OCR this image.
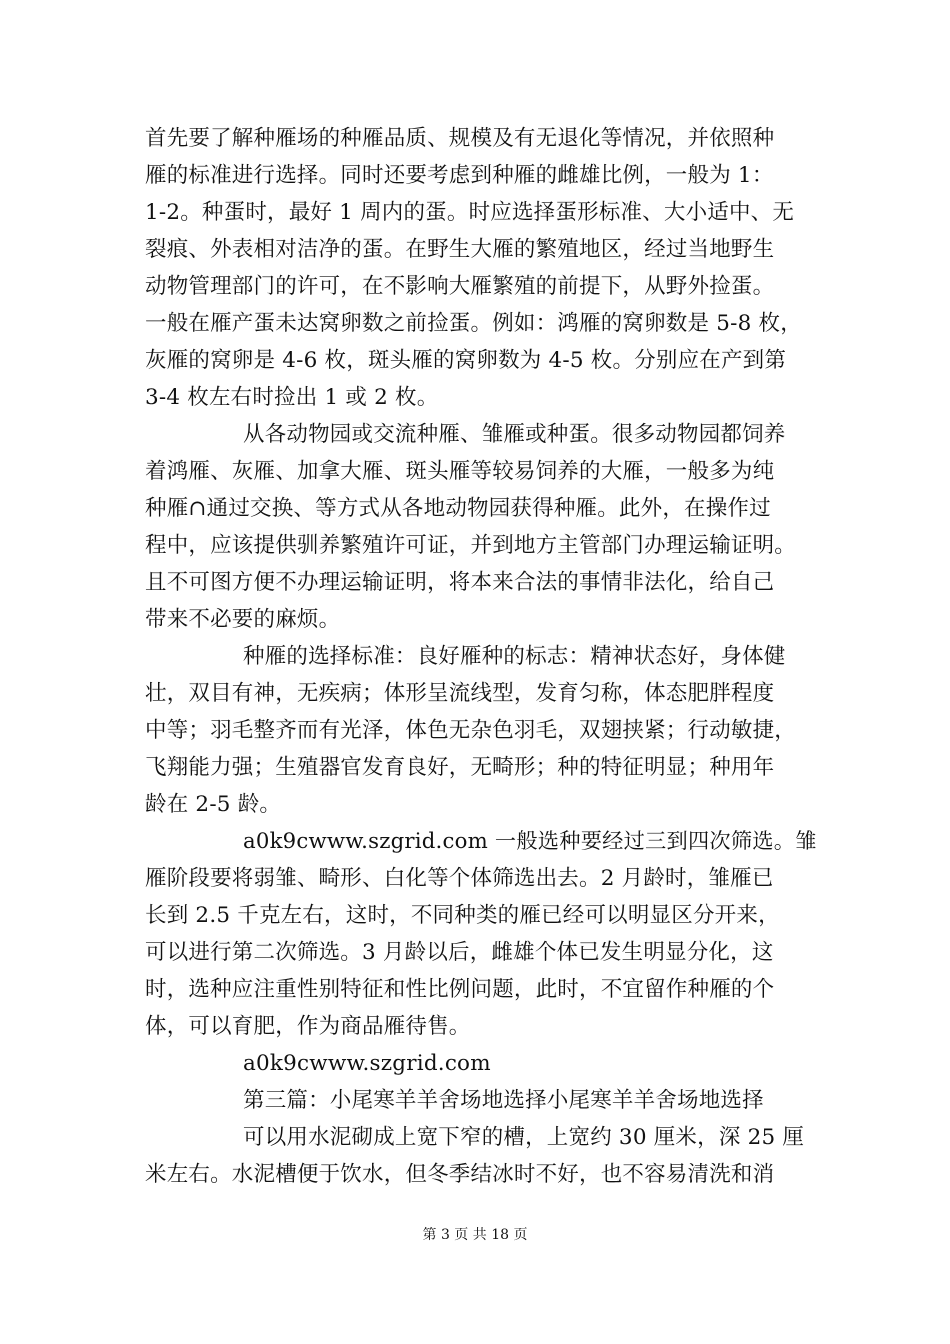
首先要了解种雁场的种雁品质、规模及有无退化等情况，并依照种
雁的标准进行选择。同时还要考虑到种雁的雌雄比例，一般为 1：
1-2。种蛋时，最好 1 周内的蛋。时应选择蛋形标准、大小适中、无
裂痕、外表相对洁净的蛋。在野生大雁的繁殖地区，经过当地野生
动物管理部门的许可，在不影响大雁繁殖的前提下，从野外捡蛋。
一般在雁产蛋未达窝卵数之前捡蛋。例如：鸿雁的窝卵数是 5-8 枚，
灰雁的窝卵是 4-6 枚，斑头雁的窝卵数为 4-5 枚。分别应在产到第
3-4 枚左右时捡出 1 或 2 枚。
从各动物园或交流种雁、雏雁或种蛋。很多动物园都饲养
着鸿雁、灰雁、加拿大雁、斑头雁等较易饲养的大雁，一般多为纯
种雁∩通过交换、等方式从各地动物园获得种雁。此外，在操作过
程中，应该提供驯养繁殖许可证，并到地方主管部门办理运输证明。
且不可图方便不办理运输证明，将本来合法的事情非法化，给自己
带来不必要的麻烦。
种雁的选择标准：良好雁种的标志：精神状态好，身体健
壮，双目有神，无疾病；体形呈流线型，发育匀称，体态肥胖程度
中等；羽毛整齐而有光泽，体色无杂色羽毛，双翅挟紧；行动敏捷，
飞翔能力强；生殖器官发育良好，无畸形；种的特征明显；种用年
龄在 2-5 龄。
a0k9cwww.szgrid.com 一般选种要经过三到四次筛选。雏
雁阶段要将弱雏、畸形、白化等个体筛选出去。2 月龄时，雏雁已
长到 2.5 千克左右，这时，不同种类的雁已经可以明显区分开来，
可以进行第二次筛选。3 月龄以后，雌雄个体已发生明显分化，这
时，选种应注重性别特征和性比例问题，此时，不宜留作种雁的个
体，可以育肥，作为商品雁待售。
a0k9cwww.szgrid.com
第三篇：小尾寒羊羊舍场地选择小尾寒羊羊舍场地选择
可以用水泥砌成上宽下窄的槽，上宽约 30 厘米，深 25 厘
米左右。水泥槽便于饮水，但冬季结冰时不好，也不容易清洗和消
第 3 页 共 18 页
